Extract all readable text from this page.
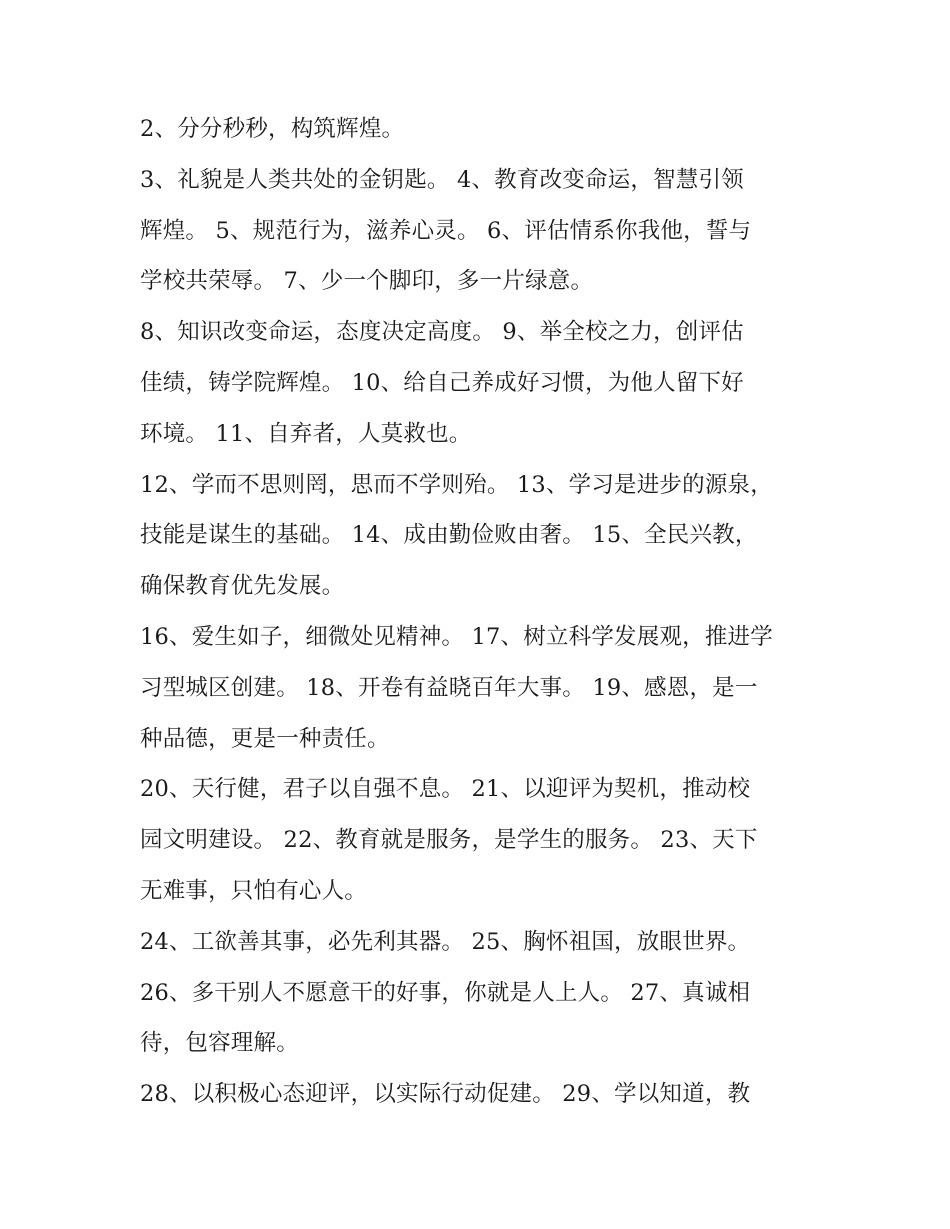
2、分分秒秒，构筑辉煌。
3、礼貌是人类共处的金钥匙。 4、教育改变命运，智慧引领
辉煌。 5、规范行为，滋养心灵。 6、评估情系你我他，誓与
学校共荣辱。 7、少一个脚印，多一片绿意。
8、知识改变命运，态度决定高度。 9、举全校之力，创评估
佳绩，铸学院辉煌。 10、给自己养成好习惯，为他人留下好
环境。 11、自弃者，人莫救也。
12、学而不思则罔，思而不学则殆。 13、学习是进步的源泉，
技能是谋生的基础。 14、成由勤俭败由奢。 15、全民兴教，
确保教育优先发展。
16、爱生如子，细微处见精神。 17、树立科学发展观，推进学
习型城区创建。 18、开卷有益晓百年大事。 19、感恩，是一
种品德，更是一种责任。
20、天行健，君子以自强不息。 21、以迎评为契机，推动校
园文明建设。 22、教育就是服务，是学生的服务。 23、天下
无难事，只怕有心人。
24、工欲善其事，必先利其器。 25、胸怀祖国，放眼世界。
26、多干别人不愿意干的好事，你就是人上人。 27、真诚相
待，包容理解。
28、以积极心态迎评，以实际行动促建。 29、学以知道，教
